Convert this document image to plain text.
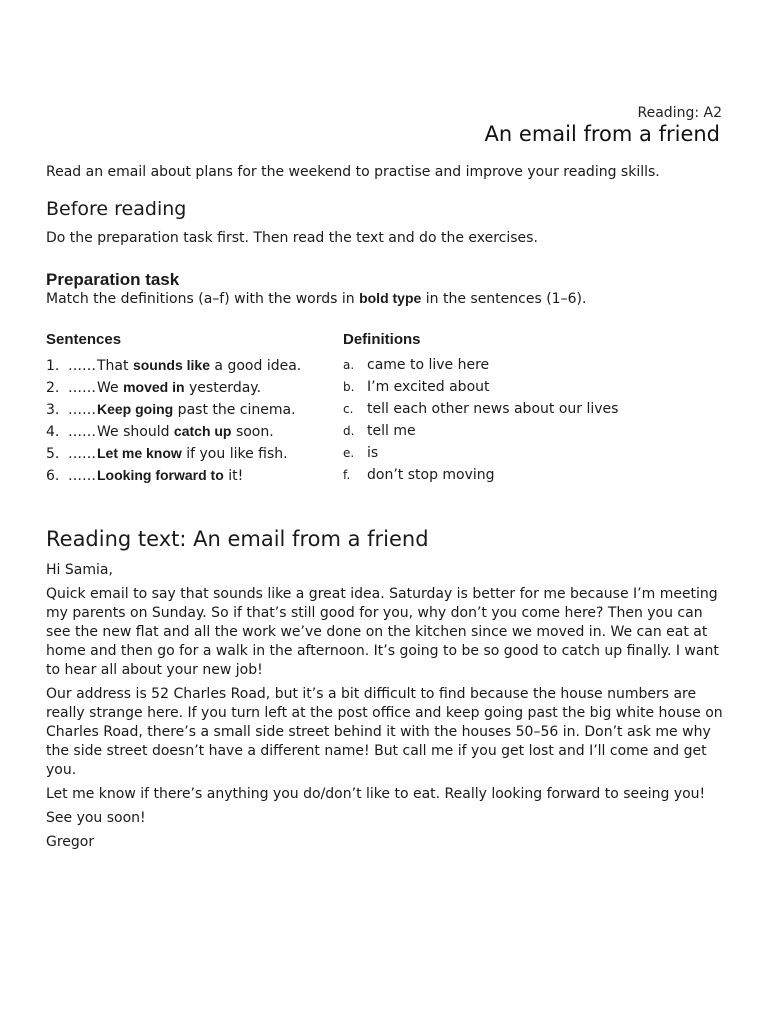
Reading: A2
An email from a friend

Read an email about plans for the weekend to practise and improve your reading skills.

Before reading

Do the preparation task first. Then read the text and do the exercises.

Preparation task

Match the definitions (a–f) with the words in bold type in the sentences (1–6).

Sentences	Definitions
1. ……That sounds like a good idea.
2. ……We moved in yesterday.
3. ……Keep going past the cinema.
4. ……We should catch up soon.
5. ……Let me know if you like fish.
6. ……Looking forward to it!
a. came to live here
b. I’m excited about
c. tell each other news about our lives
d. tell me
e. is
f. don’t stop moving
Reading text: An email from a friend

Hi Samia,

Quick email to say that sounds like a great idea. Saturday is better for me because I’m meeting my parents on Sunday. So if that’s still good for you, why don’t you come here? Then you can see the new flat and all the work we’ve done on the kitchen since we moved in. We can eat at home and then go for a walk in the afternoon. It’s going to be so good to catch up finally. I want to hear all about your new job!

Our address is 52 Charles Road, but it’s a bit difficult to find because the house numbers are really strange here. If you turn left at the post office and keep going past the big white house on Charles Road, there’s a small side street behind it with the houses 50–56 in. Don’t ask me why the side street doesn’t have a different name! But call me if you get lost and I’ll come and get you.

Let me know if there’s anything you do/don’t like to eat. Really looking forward to seeing you!

See you soon!

Gregor
